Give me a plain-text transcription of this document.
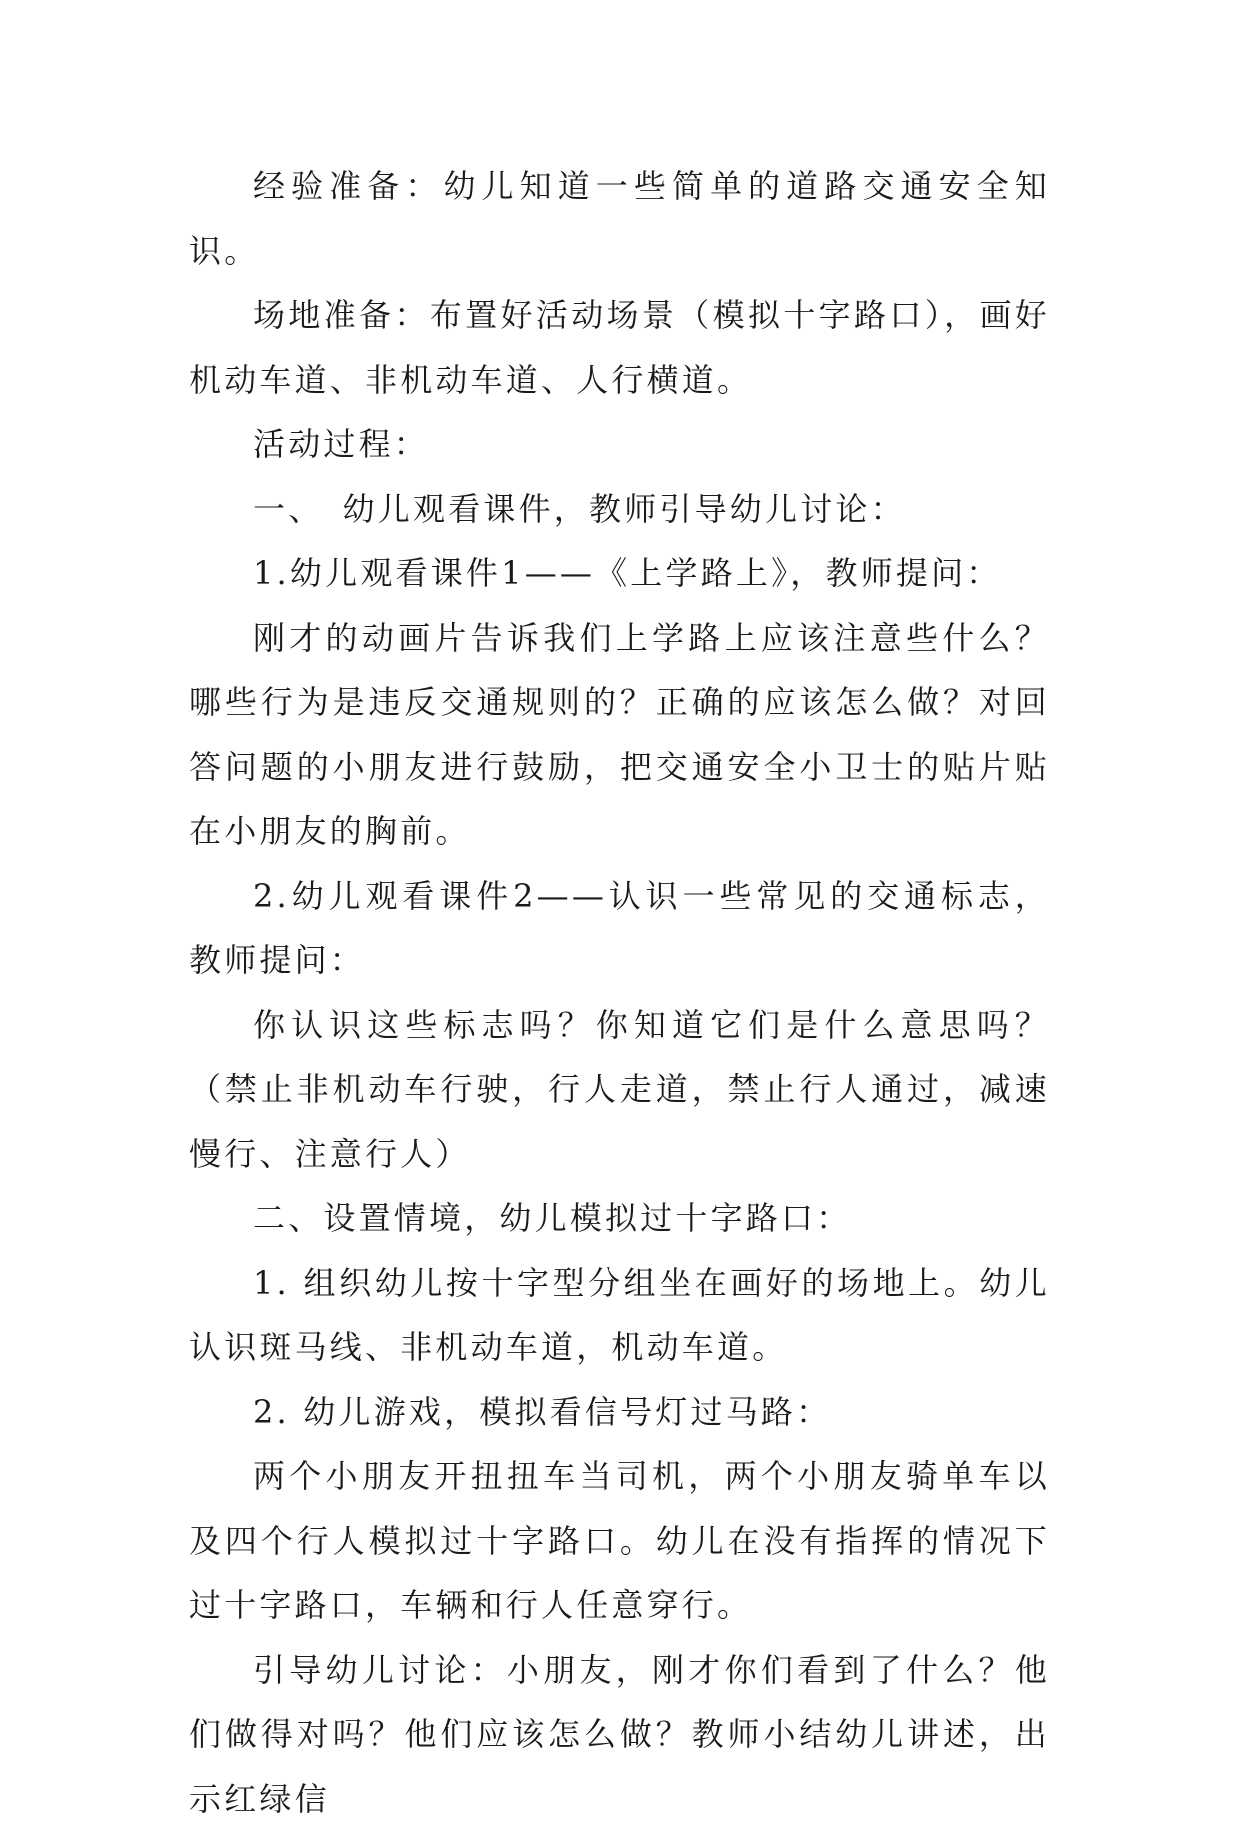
经验准备：幼儿知道一些简单的道路交通安全知识。

场地准备：布置好活动场景（模拟十字路口），画好机动车道、非机动车道、人行横道。

活动过程：

一、　幼儿观看课件，教师引导幼儿讨论：

1.幼儿观看课件1——《上学路上》，教师提问：

刚才的动画片告诉我们上学路上应该注意些什么？哪些行为是违反交通规则的？正确的应该怎么做？对回答问题的小朋友进行鼓励，把交通安全小卫士的贴片贴在小朋友的胸前。

2.幼儿观看课件2——认识一些常见的交通标志，教师提问：

你认识这些标志吗？你知道它们是什么意思吗？（禁止非机动车行驶，行人走道，禁止行人通过，减速慢行、注意行人）

二、设置情境，幼儿模拟过十字路口：

1. 组织幼儿按十字型分组坐在画好的场地上。幼儿认识斑马线、非机动车道，机动车道。

2. 幼儿游戏，模拟看信号灯过马路：

两个小朋友开扭扭车当司机，两个小朋友骑单车以及四个行人模拟过十字路口。幼儿在没有指挥的情况下过十字路口，车辆和行人任意穿行。

引导幼儿讨论：小朋友，刚才你们看到了什么？他们做得对吗？他们应该怎么做？教师小结幼儿讲述，出示红绿信
